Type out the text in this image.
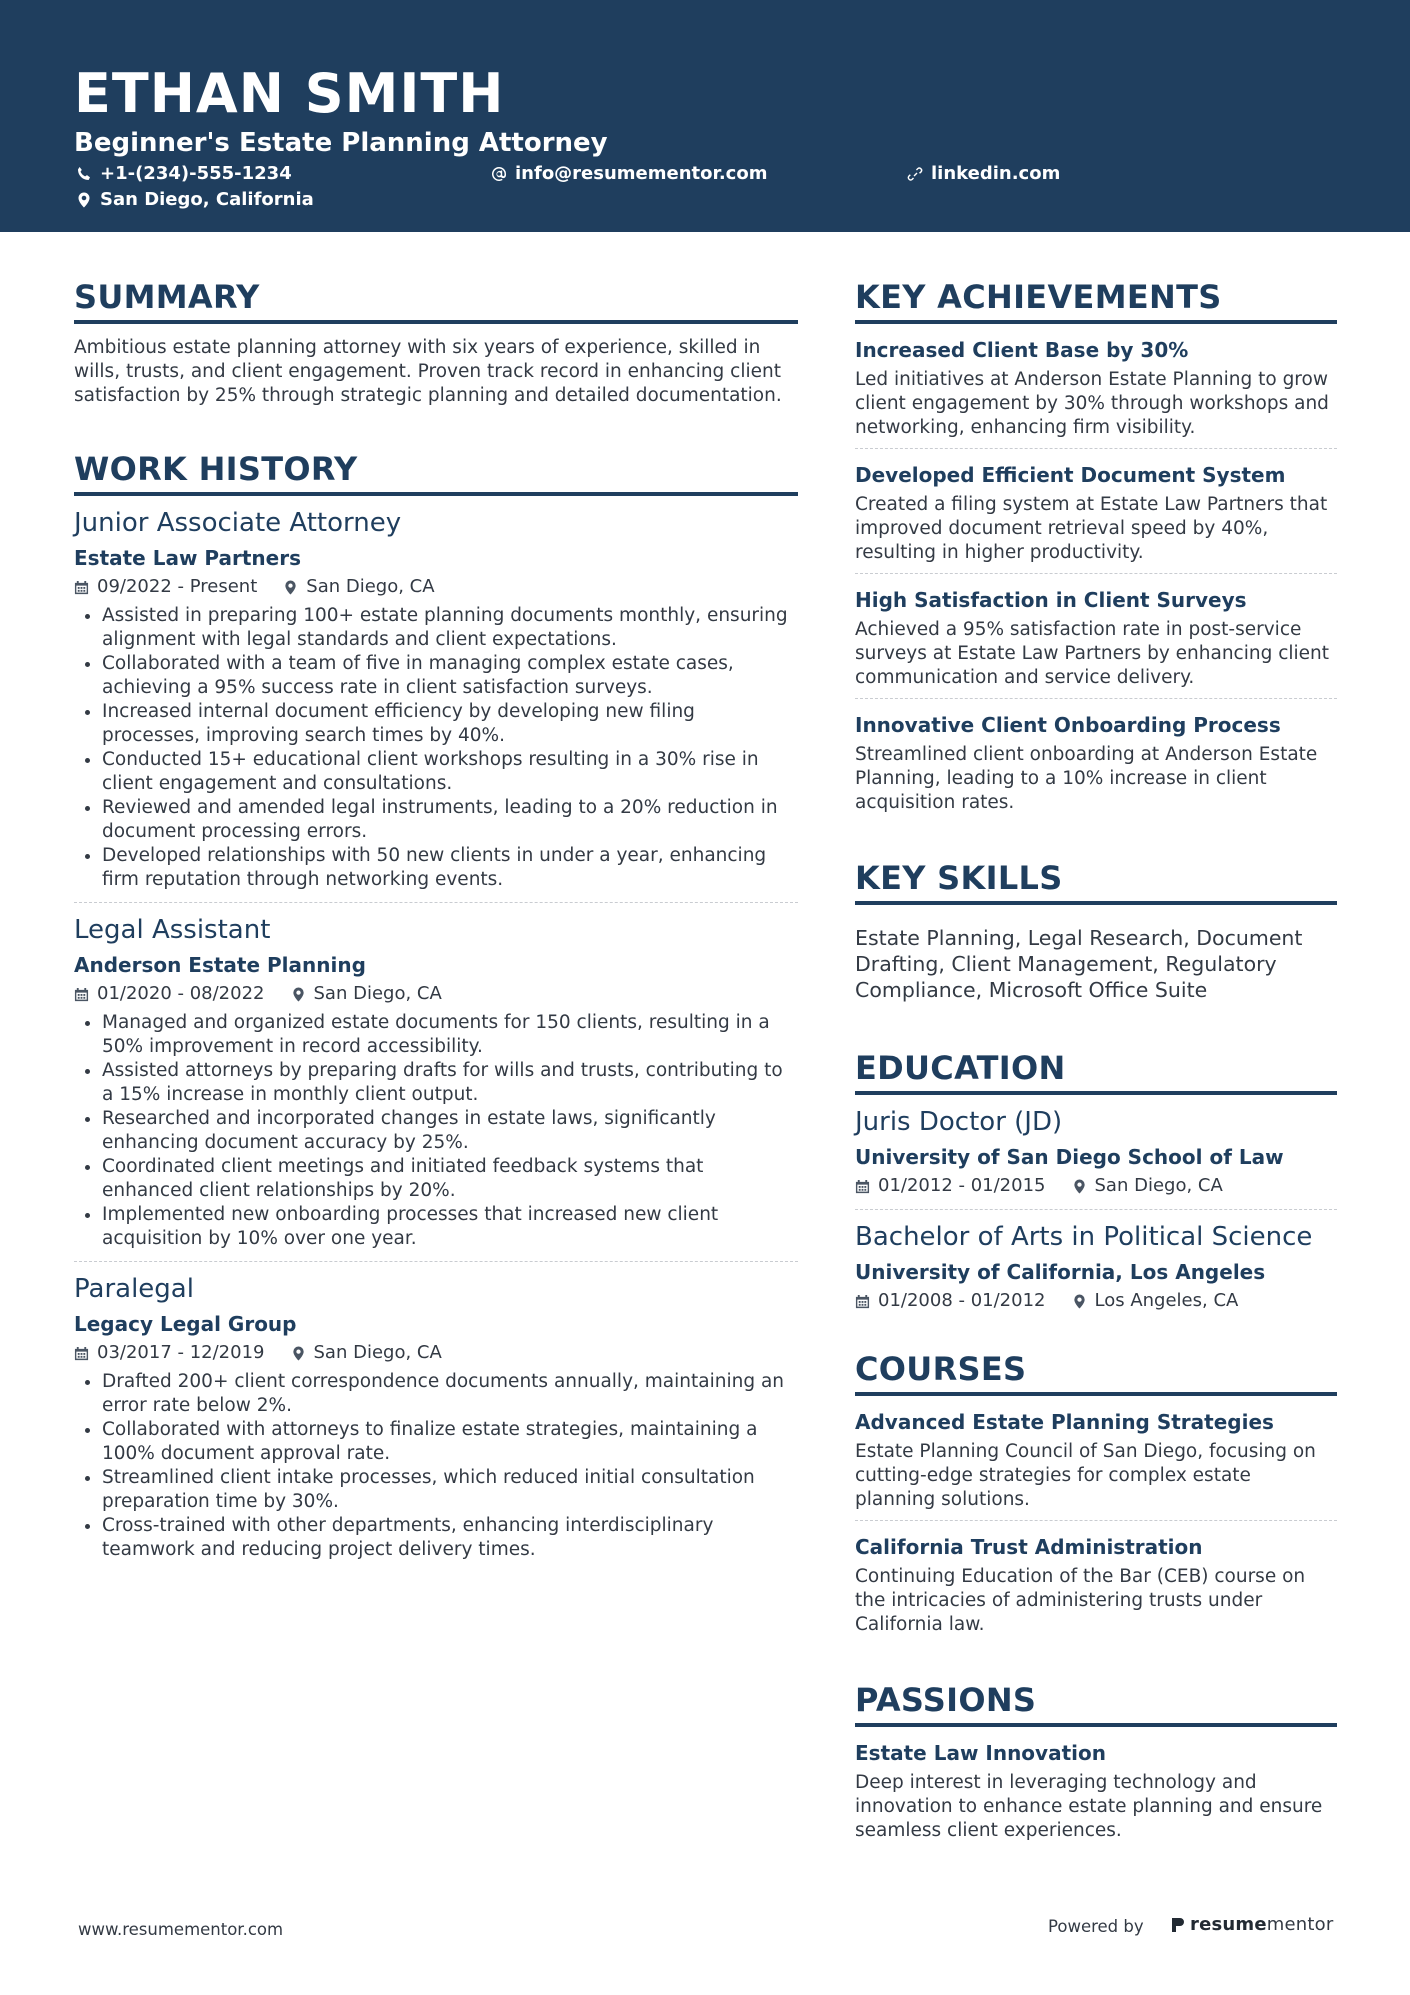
ETHAN SMITH
Beginner's Estate Planning Attorney
+1-(234)-555-1234	info@resumementor.com	linkedin.com
San Diego, California
SUMMARY
Ambitious estate planning attorney with six years of experience, skilled in wills, trusts, and client engagement. Proven track record in enhancing client satisfaction by 25% through strategic planning and detailed documentation.
WORK HISTORY
Junior Associate Attorney
Estate Law Partners
09/2022 - Present	San Diego, CA
• Assisted in preparing 100+ estate planning documents monthly, ensuring alignment with legal standards and client expectations.
• Collaborated with a team of five in managing complex estate cases, achieving a 95% success rate in client satisfaction surveys.
• Increased internal document efficiency by developing new filing processes, improving search times by 40%.
• Conducted 15+ educational client workshops resulting in a 30% rise in client engagement and consultations.
• Reviewed and amended legal instruments, leading to a 20% reduction in document processing errors.
• Developed relationships with 50 new clients in under a year, enhancing firm reputation through networking events.
Legal Assistant
Anderson Estate Planning
01/2020 - 08/2022	San Diego, CA
• Managed and organized estate documents for 150 clients, resulting in a 50% improvement in record accessibility.
• Assisted attorneys by preparing drafts for wills and trusts, contributing to a 15% increase in monthly client output.
• Researched and incorporated changes in estate laws, significantly enhancing document accuracy by 25%.
• Coordinated client meetings and initiated feedback systems that enhanced client relationships by 20%.
• Implemented new onboarding processes that increased new client acquisition by 10% over one year.
Paralegal
Legacy Legal Group
03/2017 - 12/2019	San Diego, CA
• Drafted 200+ client correspondence documents annually, maintaining an error rate below 2%.
• Collaborated with attorneys to finalize estate strategies, maintaining a 100% document approval rate.
• Streamlined client intake processes, which reduced initial consultation preparation time by 30%.
• Cross-trained with other departments, enhancing interdisciplinary teamwork and reducing project delivery times.
KEY ACHIEVEMENTS
Increased Client Base by 30%
Led initiatives at Anderson Estate Planning to grow client engagement by 30% through workshops and networking, enhancing firm visibility.
Developed Efficient Document System
Created a filing system at Estate Law Partners that improved document retrieval speed by 40%, resulting in higher productivity.
High Satisfaction in Client Surveys
Achieved a 95% satisfaction rate in post-service surveys at Estate Law Partners by enhancing client communication and service delivery.
Innovative Client Onboarding Process
Streamlined client onboarding at Anderson Estate Planning, leading to a 10% increase in client acquisition rates.
KEY SKILLS
Estate Planning, Legal Research, Document Drafting, Client Management, Regulatory Compliance, Microsoft Office Suite
EDUCATION
Juris Doctor (JD)
University of San Diego School of Law
01/2012 - 01/2015	San Diego, CA
Bachelor of Arts in Political Science
University of California, Los Angeles
01/2008 - 01/2012	Los Angeles, CA
COURSES
Advanced Estate Planning Strategies
Estate Planning Council of San Diego, focusing on cutting-edge strategies for complex estate planning solutions.
California Trust Administration
Continuing Education of the Bar (CEB) course on the intricacies of administering trusts under California law.
PASSIONS
Estate Law Innovation
Deep interest in leveraging technology and innovation to enhance estate planning and ensure seamless client experiences.
www.resumementor.com	Powered by	resumementor
